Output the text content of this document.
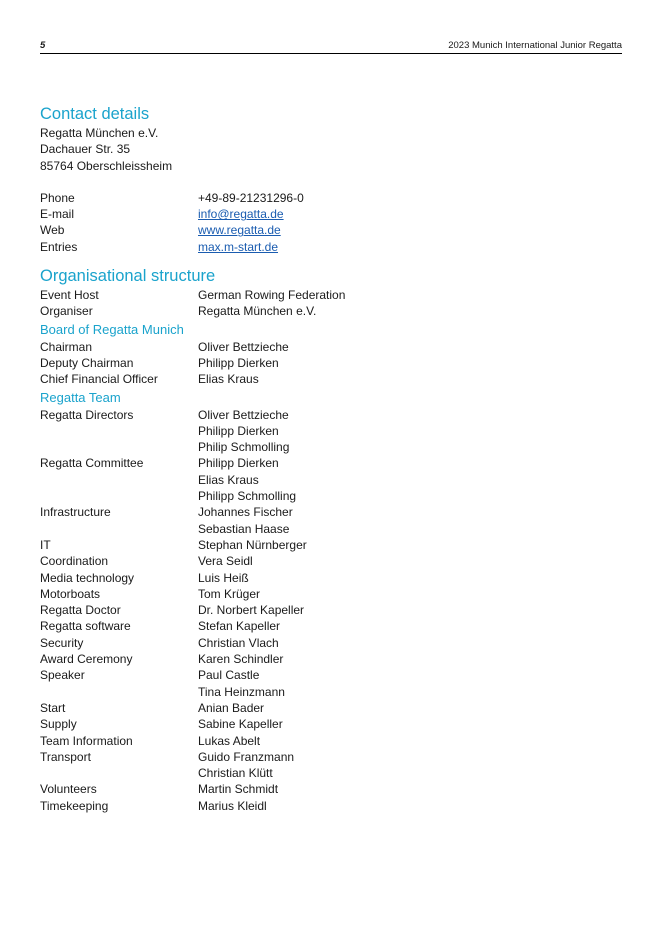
5	2023 Munich International Junior Regatta
Contact details
Regatta München e.V.
Dachauer Str. 35
85764 Oberschleissheim
Phone	+49-89-21231296-0
E-mail	info@regatta.de
Web	www.regatta.de
Entries	max.m-start.de
Organisational structure
Event Host	German Rowing Federation
Organiser	Regatta München e.V.
Board of Regatta Munich
Chairman	Oliver Bettzieche
Deputy Chairman	Philipp Dierken
Chief Financial Officer	Elias Kraus
Regatta Team
Regatta Directors	Oliver Bettzieche
Philipp Dierken
Philip Schmolling
Regatta Committee	Philipp Dierken
Elias Kraus
Philipp Schmolling
Infrastructure	Johannes Fischer
Sebastian Haase
IT	Stephan Nürnberger
Coordination	Vera Seidl
Media technology	Luis Heiß
Motorboats	Tom Krüger
Regatta Doctor	Dr. Norbert Kapeller
Regatta software	Stefan Kapeller
Security	Christian Vlach
Award Ceremony	Karen Schindler
Speaker	Paul Castle
Tina Heinzmann
Start	Anian Bader
Supply	Sabine Kapeller
Team Information	Lukas Abelt
Transport	Guido Franzmann
Christian Klütt
Volunteers	Martin Schmidt
Timekeeping	Marius Kleidl
